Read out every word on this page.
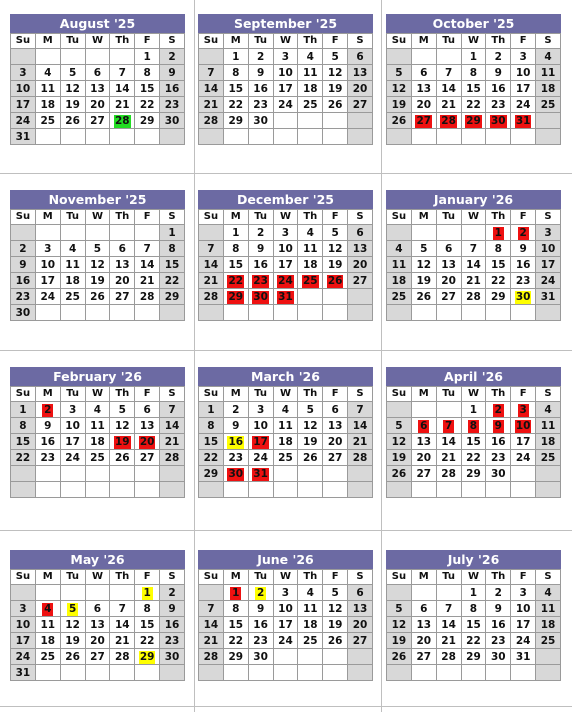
August '25
Su	M	Tu	W	Th	F	S
					1	2
3	4	5	6	7	8	9
10	11	12	13	14	15	16
17	18	19	20	21	22	23
24	25	26	27	28	29	30
31						
September '25
Su	M	Tu	W	Th	F	S
	1	2	3	4	5	6
7	8	9	10	11	12	13
14	15	16	17	18	19	20
21	22	23	24	25	26	27
28	29	30				

October '25
Su	M	Tu	W	Th	F	S
			1	2	3	4
5	6	7	8	9	10	11
12	13	14	15	16	17	18
19	20	21	22	23	24	25
26	27	28	29	30	31	

November '25
Su	M	Tu	W	Th	F	S
						1
2	3	4	5	6	7	8
9	10	11	12	13	14	15
16	17	18	19	20	21	22
23	24	25	26	27	28	29
30						
December '25
Su	M	Tu	W	Th	F	S
	1	2	3	4	5	6
7	8	9	10	11	12	13
14	15	16	17	18	19	20
21	22	23	24	25	26	27
28	29	30	31			

January '26
Su	M	Tu	W	Th	F	S
				1	2	3
4	5	6	7	8	9	10
11	12	13	14	15	16	17
18	19	20	21	22	23	24
25	26	27	28	29	30	31

February '26
Su	M	Tu	W	Th	F	S
1	2	3	4	5	6	7
8	9	10	11	12	13	14
15	16	17	18	19	20	21
22	23	24	25	26	27	28

March '26
Su	M	Tu	W	Th	F	S
1	2	3	4	5	6	7
8	9	10	11	12	13	14
15	16	17	18	19	20	21
22	23	24	25	26	27	28
29	30	31				

April '26
Su	M	Tu	W	Th	F	S
			1	2	3	4
5	6	7	8	9	10	11
12	13	14	15	16	17	18
19	20	21	22	23	24	25
26	27	28	29	30		

May '26
Su	M	Tu	W	Th	F	S
					1	2
3	4	5	6	7	8	9
10	11	12	13	14	15	16
17	18	19	20	21	22	23
24	25	26	27	28	29	30
31						
June '26
Su	M	Tu	W	Th	F	S
	1	2	3	4	5	6
7	8	9	10	11	12	13
14	15	16	17	18	19	20
21	22	23	24	25	26	27
28	29	30				

July '26
Su	M	Tu	W	Th	F	S
			1	2	3	4
5	6	7	8	9	10	11
12	13	14	15	16	17	18
19	20	21	22	23	24	25
26	27	28	29	30	31	
